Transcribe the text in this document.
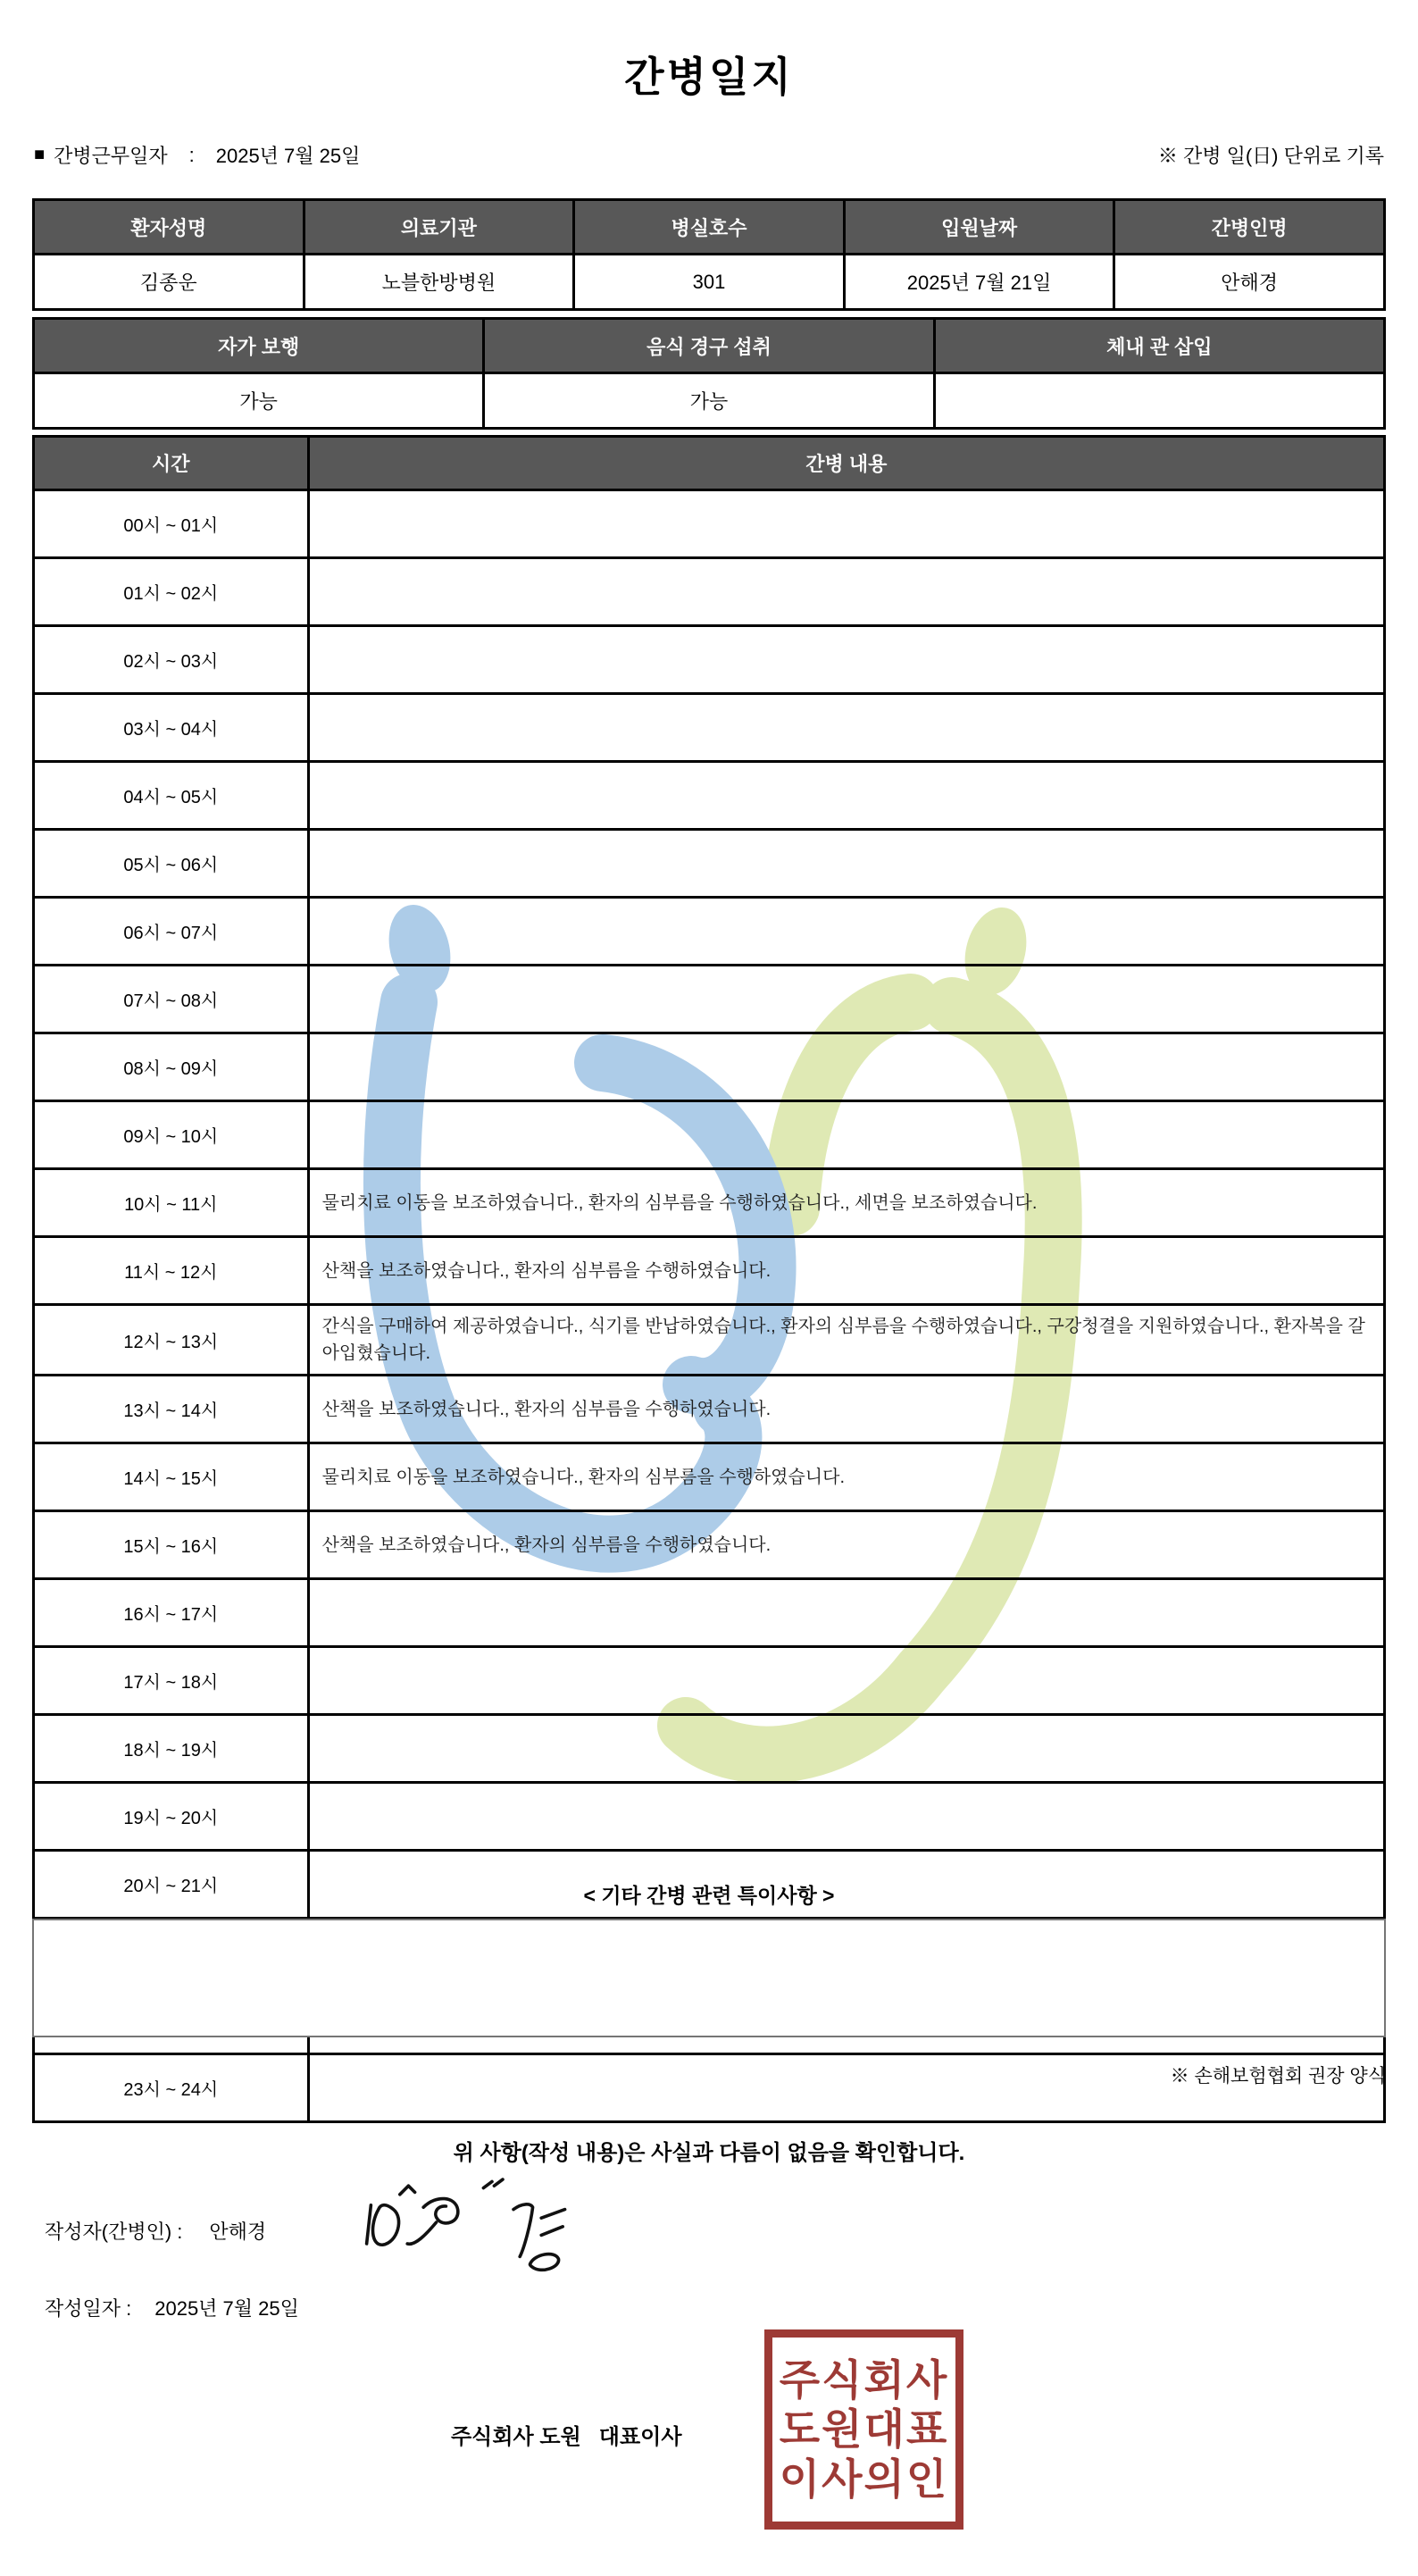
간병일지
■ 간병근무일자 : 2025년 7월 25일	※ 간병 일(日) 단위로 기록
환자성명	의료기관	병실호수	입원날짜	간병인명
김종운	노블한방병원	301	2025년 7월 21일	안해경
자가 보행	음식 경구 섭취	체내 관 삽입
가능	가능	
시간	간병 내용
00시 ~ 01시	
01시 ~ 02시	
02시 ~ 03시	
03시 ~ 04시	
04시 ~ 05시	
05시 ~ 06시	
06시 ~ 07시	
07시 ~ 08시	
08시 ~ 09시	
09시 ~ 10시	
10시 ~ 11시	물리치료 이동을 보조하였습니다., 환자의 심부름을 수행하였습니다., 세면을 보조하였습니다.
11시 ~ 12시	산책을 보조하였습니다., 환자의 심부름을 수행하였습니다.
12시 ~ 13시	간식을 구매하여 제공하였습니다., 식기를 반납하였습니다., 환자의 심부름을 수행하였습니다., 구강청결을 지원하였습니다., 환자복을 갈아입혔습니다.
13시 ~ 14시	산책을 보조하였습니다., 환자의 심부름을 수행하였습니다.
14시 ~ 15시	물리치료 이동을 보조하였습니다., 환자의 심부름을 수행하였습니다.
15시 ~ 16시	산책을 보조하였습니다., 환자의 심부름을 수행하였습니다.
16시 ~ 17시	
17시 ~ 18시	
18시 ~ 19시	
19시 ~ 20시	
20시 ~ 21시	

23시 ~ 24시	
< 기타 간병 관련 특이사항 >
※ 손해보험협회 권장 양식
위 사항(작성 내용)은 사실과 다름이 없음을 확인합니다.
작성자(간병인) : 안해경
작성일자 : 2025년 7월 25일
주식회사 도원   대표이사
주식회사
도원대표
이사의인
